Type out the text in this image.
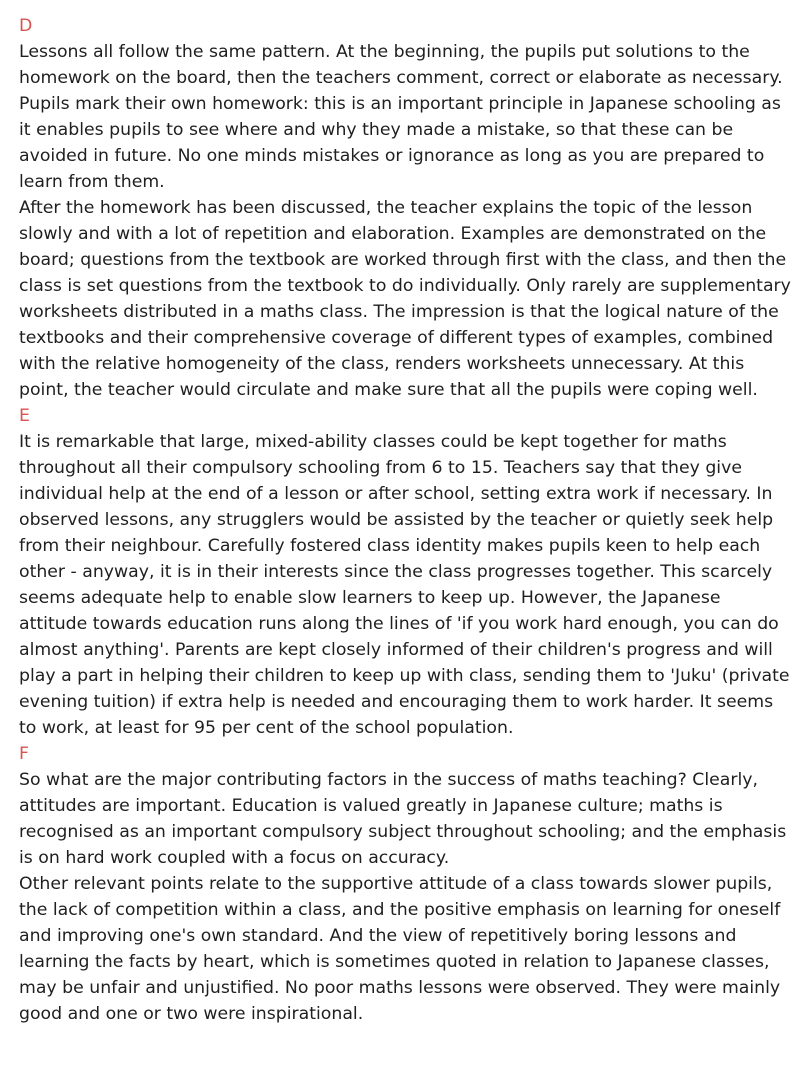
D

Lessons all follow the same pattern. At the beginning, the pupils put solutions to the homework on the board, then the teachers comment, correct or elaborate as necessary. Pupils mark their own homework: this is an important principle in Japanese schooling as it enables pupils to see where and why they made a mistake, so that these can be avoided in future. No one minds mistakes or ignorance as long as you are prepared to learn from them.

After the homework has been discussed, the teacher explains the topic of the lesson slowly and with a lot of repetition and elaboration. Examples are demonstrated on the board; questions from the textbook are worked through first with the class, and then the class is set questions from the textbook to do individually. Only rarely are supplementary worksheets distributed in a maths class. The impression is that the logical nature of the textbooks and their comprehensive coverage of different types of examples, combined with the relative homogeneity of the class, renders worksheets unnecessary. At this point, the teacher would circulate and make sure that all the pupils were coping well.

E

It is remarkable that large, mixed-ability classes could be kept together for maths throughout all their compulsory schooling from 6 to 15. Teachers say that they give individual help at the end of a lesson or after school, setting extra work if necessary. In observed lessons, any strugglers would be assisted by the teacher or quietly seek help from their neighbour. Carefully fostered class identity makes pupils keen to help each other - anyway, it is in their interests since the class progresses together. This scarcely seems adequate help to enable slow learners to keep up. However, the Japanese attitude towards education runs along the lines of 'if you work hard enough, you can do almost anything'. Parents are kept closely informed of their children's progress and will play a part in helping their children to keep up with class, sending them to 'Juku' (private evening tuition) if extra help is needed and encouraging them to work harder. It seems to work, at least for 95 per cent of the school population.

F

So what are the major contributing factors in the success of maths teaching? Clearly, attitudes are important. Education is valued greatly in Japanese culture; maths is recognised as an important compulsory subject throughout schooling; and the emphasis is on hard work coupled with a focus on accuracy.

Other relevant points relate to the supportive attitude of a class towards slower pupils, the lack of competition within a class, and the positive emphasis on learning for oneself and improving one's own standard. And the view of repetitively boring lessons and learning the facts by heart, which is sometimes quoted in relation to Japanese classes, may be unfair and unjustified. No poor maths lessons were observed. They were mainly good and one or two were inspirational.
